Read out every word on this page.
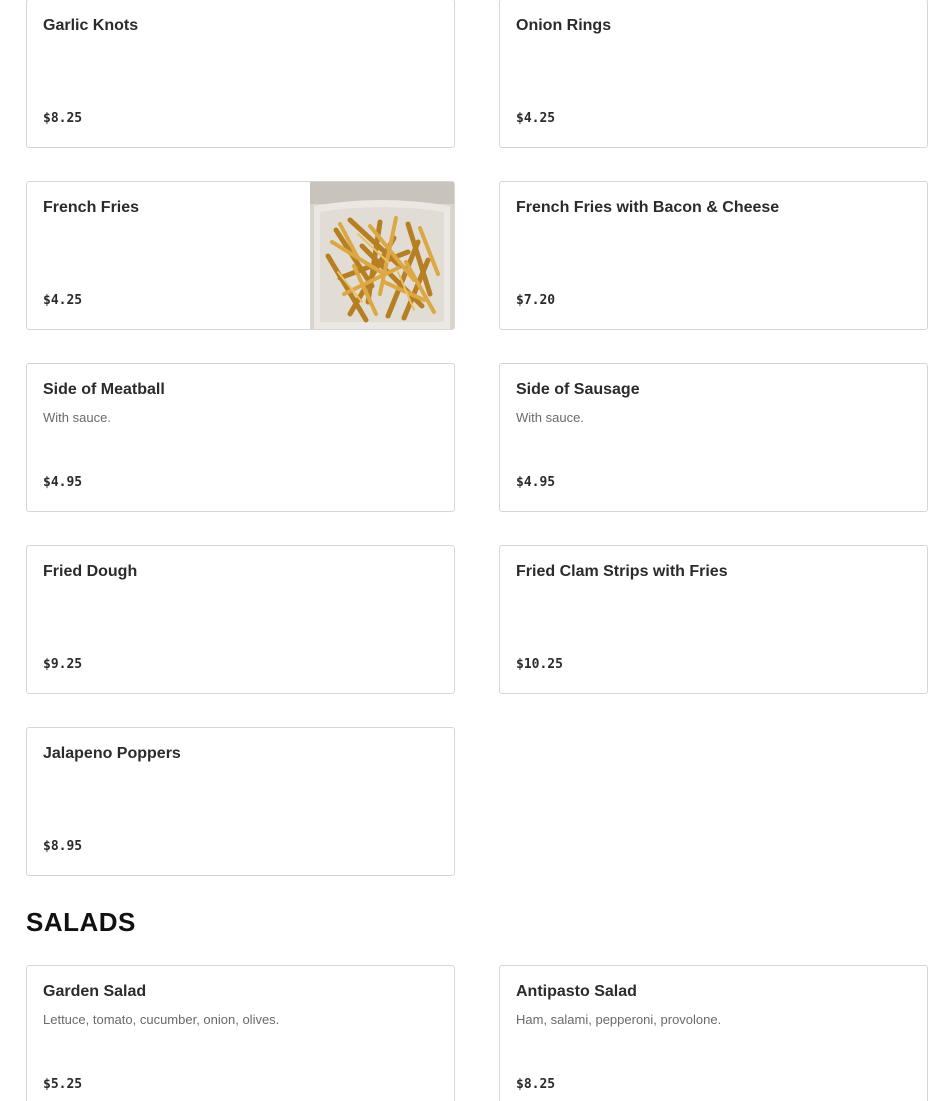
Garlic Knots
$8.25
Onion Rings
$4.25
French Fries
$4.25
French Fries with Bacon & Cheese
$7.20
Side of Meatball
With sauce.
$4.95
Side of Sausage
With sauce.
$4.95
Fried Dough
$9.25
Fried Clam Strips with Fries
$10.25
Jalapeno Poppers
$8.95
SALADS
Garden Salad
Lettuce, tomato, cucumber, onion, olives.
$5.25
Antipasto Salad
Ham, salami, pepperoni, provolone.
$8.25
